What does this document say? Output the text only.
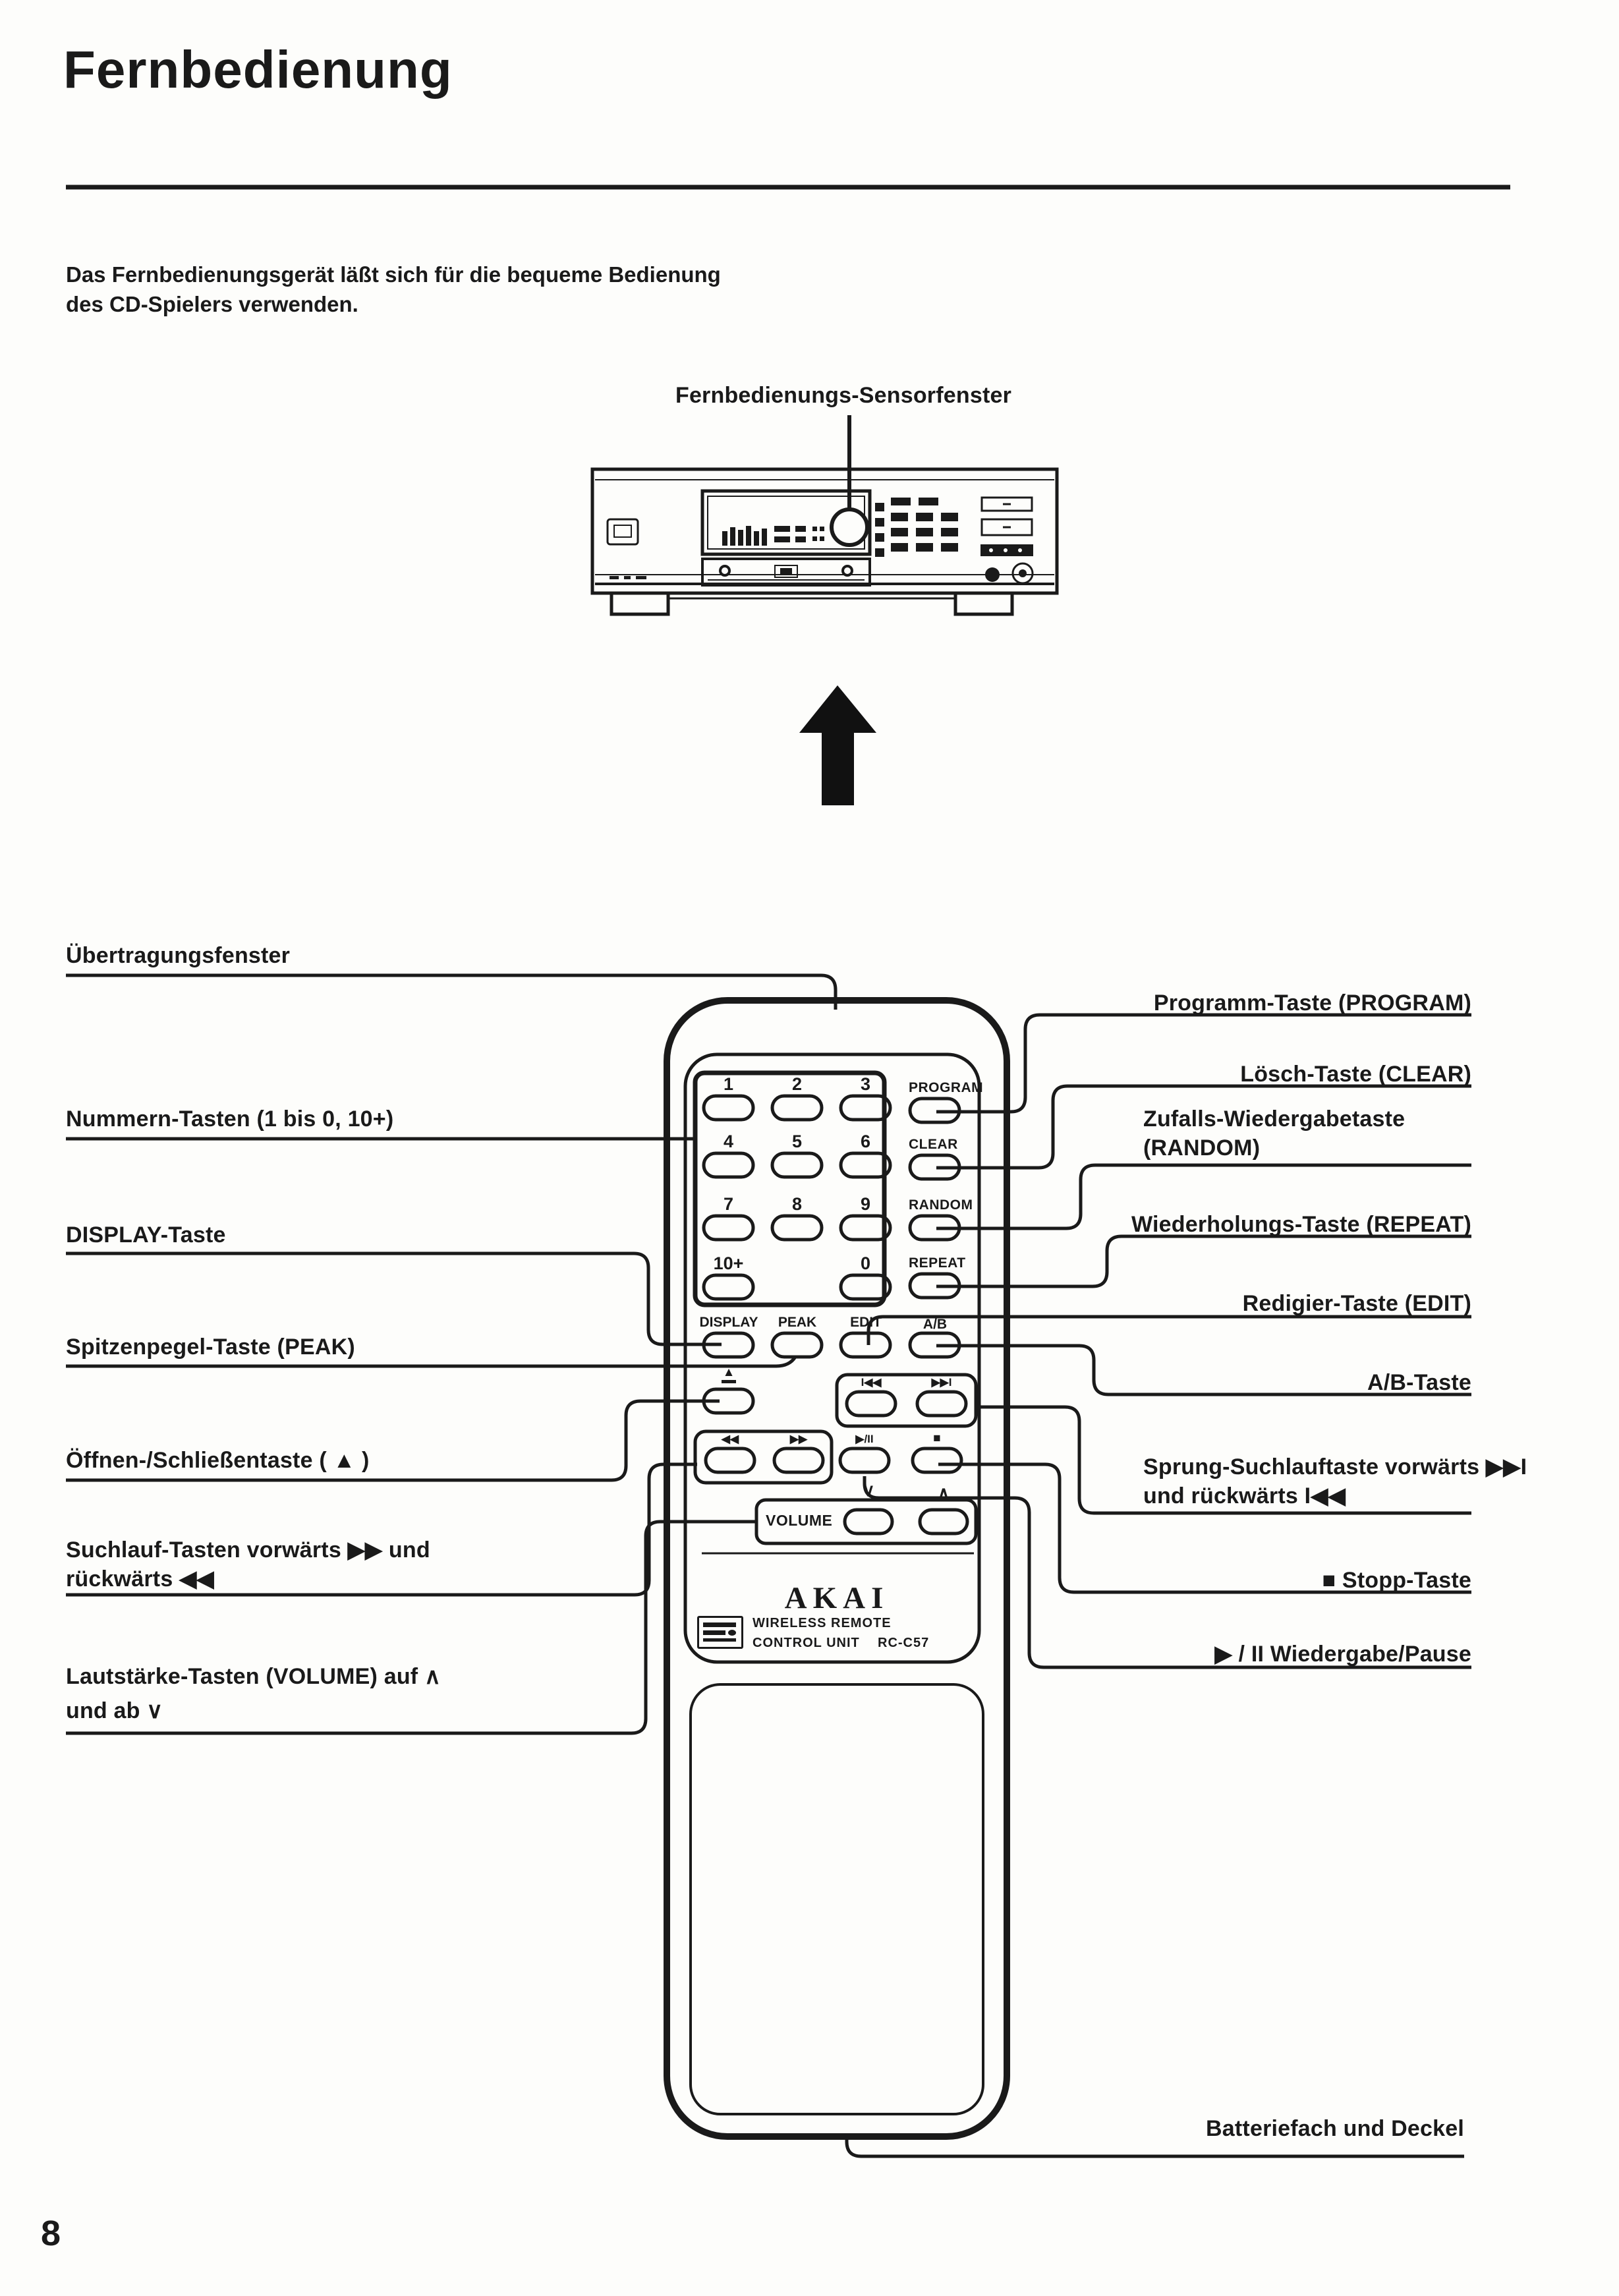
Fernbedienung
Das Fernbedienungsgerät läßt sich für die bequeme Bedienung
des CD-Spielers verwenden.
Fernbedienungs-Sensorfenster
Übertragungsfenster
Nummern-Tasten (1 bis 0, 10+)
DISPLAY-Taste
Spitzenpegel-Taste (PEAK)
Öffnen-/Schließentaste ( ▲ )
Suchlauf-Tasten vorwärts ▶▶ und
rückwärts ◀◀
Lautstärke-Tasten (VOLUME) auf ∧
und ab ∨
Programm-Taste (PROGRAM)
Lösch-Taste (CLEAR)
Zufalls-Wiedergabetaste
(RANDOM)
Wiederholungs-Taste (REPEAT)
Redigier-Taste (EDIT)
A/B-Taste
Sprung-Suchlauftaste vorwärts ▶▶I
und rückwärts I◀◀
■ Stopp-Taste
▶ / II Wiedergabe/Pause
Batteriefach und Deckel
1	2	3
4	5	6
7	8	9
10+	0
PROGRAM
CLEAR
RANDOM
REPEAT
DISPLAY	PEAK	EDIT	A/B
▲
I◀◀	▶▶I
◀◀	▶▶	▶/II	■
∨	∧
VOLUME
AKAI
WIRELESS REMOTE
CONTROL UNIT RC-C57
8
